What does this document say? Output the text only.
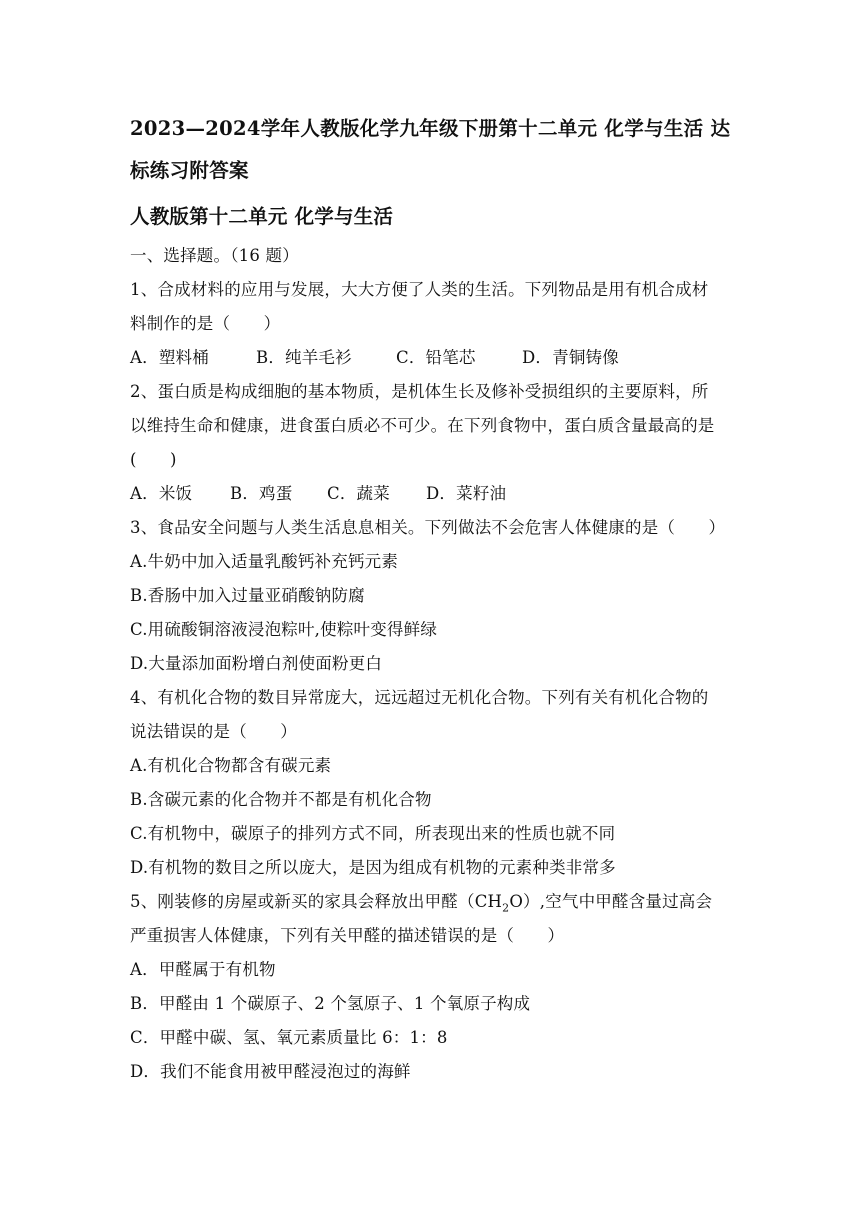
2023—2024学年人教版化学九年级下册第十二单元 化学与生活 达
标练习附答案
人教版第十二单元 化学与生活
一、选择题。（16 题）
1、合成材料的应用与发展，大大方便了人类的生活。下列物品是用有机合成材
料制作的是（　　）
A．塑料桶	B．纯羊毛衫	C．铅笔芯	D．青铜铸像
2、蛋白质是构成细胞的基本物质，是机体生长及修补受损组织的主要原料，所
以维持生命和健康，进食蛋白质必不可少。在下列食物中，蛋白质含量最高的是
(　　)
A．米饭 B．鸡蛋 C．蔬菜 D．菜籽油
3、食品安全问题与人类生活息息相关。下列做法不会危害人体健康的是（　　）
A.牛奶中加入适量乳酸钙补充钙元素
B.香肠中加入过量亚硝酸钠防腐
C.用硫酸铜溶液浸泡粽叶,使粽叶变得鲜绿
D.大量添加面粉增白剂使面粉更白
4、有机化合物的数目异常庞大，远远超过无机化合物。下列有关有机化合物的
说法错误的是（　　）
A.有机化合物都含有碳元素
B.含碳元素的化合物并不都是有机化合物
C.有机物中，碳原子的排列方式不同，所表现出来的性质也就不同
D.有机物的数目之所以庞大，是因为组成有机物的元素种类非常多
5、刚装修的房屋或新买的家具会释放出甲醛$(CH_2O)$,空气中甲醛含量过高会
严重损害人体健康，下列有关甲醛的描述错误的是（　　）
A．甲醛属于有机物
B．甲醛由 1 个碳原子、2 个氢原子、1 个氧原子构成
C．甲醛中碳、氢、氧元素质量比 6：1：8
D．我们不能食用被甲醛浸泡过的海鲜
